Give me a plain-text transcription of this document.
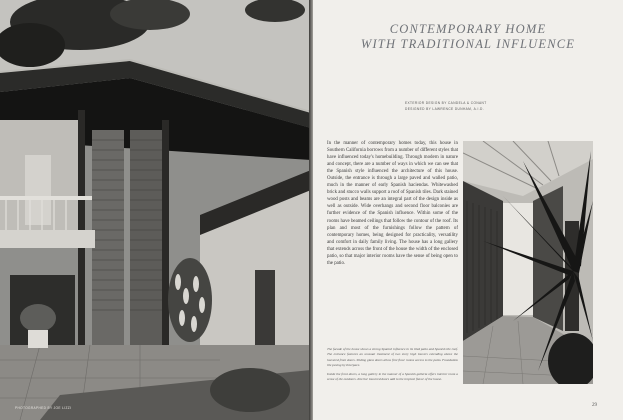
PHOTOGRAPHED BY JOE LIZZI
CONTEMPORARY HOME
WITH TRADITIONAL INFLUENCE
EXTERIOR DESIGN BY CANDELA & CONANT
DESIGNED BY LAWRENCE DUNHAM, A.I.D.

In the manner of contemporary homes today, this house in Southern California borrows from a number of different styles that have influenced today's homebuilding. Through modern in nature and concept, there are a number of ways in which we can see that the Spanish style influenced the architecture of this house. Outside, the entrance is through a large paved and walled patio, much in the manner of early Spanish haciendas. Whitewashed brick and stucco walls support a roof of Spanish tiles. Dark stained wood posts and beams are an integral part of the design inside as well as outside. Wide overhangs and second floor balconies are further evidence of the Spanish influence. Within some of the rooms have beamed ceilings that follow the contour of the roof. Its plan and most of the furnishings follow the pattern of contemporary homes, being designed for practicality, versatility and comfort in daily family living. The house has a long gallery that extends across the front of the house the width of the enclosed patio, so that major interior rooms have the sense of being open to the patio.

The facade of the house shows a strong Spanish influence in its tiled patio and Spanish tile roof. The entrance features an unusual treatment of two story high louvers extending above the louvered front doors. Sliding glass doors allow first floor rooms access to the patio. Foundation tile paving by Interpace.

Inside the front doors, a long gallery in the manner of a Spanish galleria offers interior room a sense of the outdoors. Interior louvered doors add to the tropical flavor of the house.

29
